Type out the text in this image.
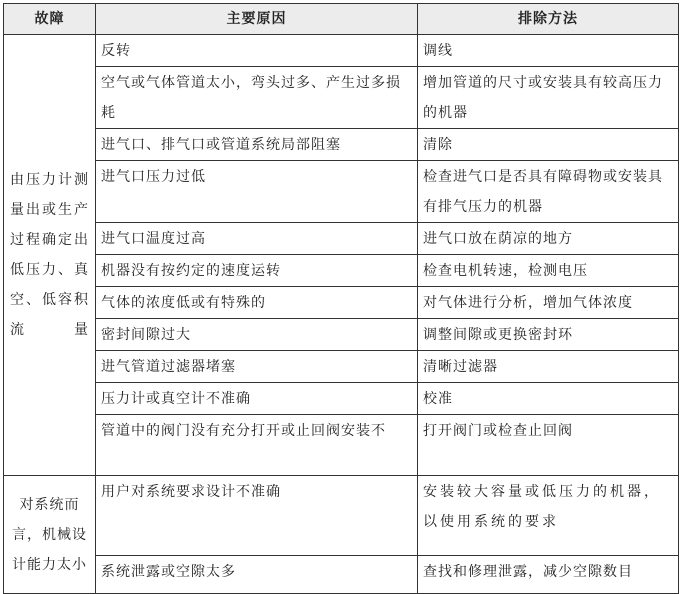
故障	主要原因	排除方法
由压力计测量出或生产过程确定出低压力、真空、低容积流量	反转	调线
	空气或气体管道太小，弯头过多、产生过多损耗	增加管道的尺寸或安装具有较高压力的机器
	进气口、排气口或管道系统局部阻塞	清除
	进气口压力过低	检查进气口是否具有障碍物或安装具有排气压力的机器
	进气口温度过高	进气口放在荫凉的地方
	机器没有按约定的速度运转	检查电机转速，检测电压
	气体的浓度低或有特殊的	对气体进行分析，增加气体浓度
	密封间隙过大	调整间隙或更换密封环
	进气管道过滤器堵塞	清晰过滤器
	压力计或真空计不准确	校准
	管道中的阀门没有充分打开或止回阀安装不	打开阀门或检查止回阀
对系统而言，机械设计能力太小	用户对系统要求设计不准确	安装较大容量或低压力的机器，以使用系统的要求
	系统泄露或空隙太多	查找和修理泄露，减少空隙数目
